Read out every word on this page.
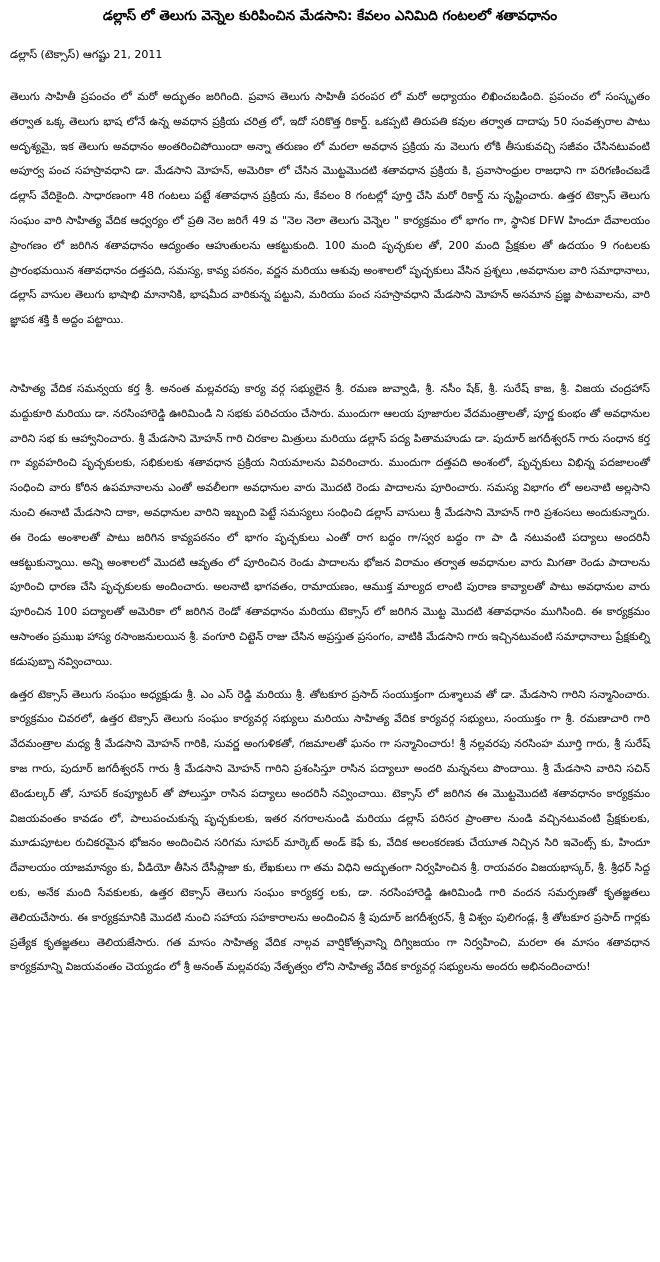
డల్లాస్ లో తెలుగు వెన్నెల కురిపించిన మేడసాని: కేవలం ఎనిమిది గంటలలో శతావధానం

డల్లాస్ (టెక్సాస్) ఆగష్టు 21, 2011

తెలుగు సాహితీ ప్రపంచం లో మరో అద్భుతం జరిగింది. ప్రవాస తెలుగు సాహితీ పరంపర లో మరో అధ్యాయం లిఖించబడింది. ప్రపంచం లో సంస్కృతం తర్వాత ఒక్క తెలుగు భాష లోనే ఉన్న అవధాన ప్రక్రియ చరిత్ర లో, ఇదో సరికొత్త రికార్డ్. ఒకప్పటి తిరుపతి కవుల తర్వాత దాదాపు 50 సంవత్సరాల పాటు అదృశ్యమై, ఇక తెలుగు అవధానం అంతరించిపోయిందా అన్నా తరుణం లో మరలా అవధాన ప్రక్రియ ను వెలుగు లోకి తీసుకువచ్చి సజీవం చేసినటువంటి అపూర్వ పంచ సహస్రావధాని డా. మేడసాని మోహన్, అమెరికా లో చేసిన మొట్టమొదటి శతావధాన ప్రక్రియ కి, ప్రవాసాంధ్రుల రాజధాని గా పరిగణించబడే డల్లాస్ వేదికైంది. సాధారణంగా 48 గంటలు పట్టే శతావధాన ప్రక్రియ ను, కేవలం 8 గంటల్లో పూర్తి చేసి మరో రికార్డ్ ను సృష్టించారు. ఉత్తర టెక్సాస్ తెలుగు సంఘం వారి సాహిత్య వేదిక ఆధ్వర్యం లో ప్రతి నెల జరిగే 49 వ "నెల నెలా తెలుగు వెన్నెల " కార్యక్రమం లో భాగం గా, స్థానిక DFW హిందూ దేవాలయం ప్రాంగణం లో జరిగిన శతావధానం ఆద్యంతం ఆహుతులను ఆకట్టుకుంది. 100 మంది పృచ్ఛకుల తో, 200 మంది ప్రేక్షకుల తో ఉదయం 9 గంటలకు ప్రారంభమయిన శతావధానం దత్తపది, సమస్య, కావ్య పఠనం, వర్ణన మరియు ఆశువు అంశాలలో పృచ్ఛకులు వేసిన ప్రశ్నలు ,అవధానుల వారి సమాధానాలు, డల్లాస్ వాసుల తెలుగు భాషాభి మానానికి, భాషమీద వారికున్న పట్టుని, మరియు పంచ సహస్రావధాని మేడసాని మోహన్ అసమాన ప్రజ్ఞ పాటవాలను, వారి జ్ఞాపక శక్తి కి అద్దం పట్టాయి.

సాహిత్య వేదిక సమన్వయ కర్త శ్రీ. అనంత మల్లవరపు కార్య వర్గ సభ్యులైన శ్రీ. రమణ జువ్వాడి, శ్రీ. నసీం షేక్, శ్రీ. సురేష్ కాజ, శ్రీ. విజయ చంద్రహాస్ మద్దుకూరి మరియు డా. నరసింహారెడ్డి ఊరిమిండి ని సభకు పరిచయం చేసారు. ముందుగా ఆలయ పూజారుల వేదమంత్రాలతో, పూర్ణ కుంభం తో అవధానుల వారిని సభ కు ఆహ్వానించారు. శ్రీ మేడసాని మోహన్ గారి చిరకాల మిత్రులు మరియు డల్లాస్ పద్య పితామహుడు డా. పుదూర్ జగదీశ్వరన్ గారు సంధాన కర్త గా వ్యవహరించి పృచ్ఛకులకు, సభికులకు శతావధాన ప్రక్రియ నియమాలను వివరించారు. ముందుగా దత్తపది అంశంలో, పృచ్ఛకులు విభిన్న పదజాలంతో సంధించి వారు కోరిన ఉపమానాలను ఎంతో అవలీలగా అవధానుల వారు మొదటి రెండు పాదాలను పూరించారు. సమస్య విభాగం లో అలనాటి అల్లసాని నుంచి ఈనాటి మేడసాని దాకా, అవధానుల వారిని ఇబ్బంది పెట్టే సమస్యలు సంధించి డల్లాస్ వాసులు శ్రీ మేడసాని మోహన్ గారి ప్రశంసలు అందుకున్నారు. ఈ రెండు అంశాలతో పాటు జరిగిన కావ్యపఠనం లో భాగం పృచ్ఛకులు ఎంతో రాగ బద్ధం గా/స్వర బద్ధం గా పా డి నటువంటి పద్యాలు అందరినీ ఆకట్టుకున్నాయి. అన్ని అంశాలలో మొదటి ఆవృతం లో పూరించిన రెండు పాదాలను భోజన విరామం తర్వాత అవధానుల వారు మిగతా రెండు పాదాలను పూరించి ధారణ చేసి పృచ్ఛకులకు అందించారు. అలనాటి భాగవతం, రామాయణం, ఆముక్త మాల్యద లాంటి పురాణ కావ్యాలతో పాటు అవధానుల వారు పూరించిన 100 పద్యాలతో అమెరికా లో జరిగిన రెండో శతావధానం మరియు టెక్సాస్ లో జరిగిన మొట్ట మొదటి శతావధానం ముగిసింది. ఈ కార్యక్రమం ఆసాంతం ప్రముఖ హాస్య రసాంజనులయిన శ్రీ. వంగూరి చిట్టెన్ రాజు చేసిన అప్రస్తుత ప్రసంగం, వాటికి మేడసాని గారు ఇచ్చినటువంటి సమాధానాలు ప్రేక్షకుల్ని కడుపుబ్బా నవ్వించాయి.

ఉత్తర టెక్సాస్ తెలుగు సంఘం అధ్యక్షుడు శ్రీ. ఎం ఎస్ రెడ్డి మరియు శ్రీ. తోటకూర ప్రసాద్ సంయుక్తంగా దుశ్శాలువ తో డా. మేడసాని గారిని సన్మానించారు. కార్యక్రమం చివరలో, ఉత్తర టెక్సాస్ తెలుగు సంఘం కార్యవర్గ సభ్యులు మరియు సాహిత్య వేదిక కార్యవర్గ సభ్యులు, సంయుక్తం గా శ్రీ. రమణాచారి గారి వేదమంత్రాల మధ్య శ్రీ మేడసాని మోహన్ గారికి, సువర్ణ అంగుళికతో, గజమాలతో ఘనం గా సన్మానించారు! శ్రీ నల్లవరపు నరసింహ మూర్తి గారు, శ్రీ సురేష్ కాజ గారు, పుదూర్ జగదీశ్వరన్ గారు శ్రీ మేడసాని మోహన్ గారిని ప్రశంసిస్తూ రాసిన పద్యాలూ అందరి మన్ననలు పొందాయి. శ్రీ మేడసాని వారిని సచిన్ టెండుల్కర్ తో, సూపర్ కంప్యూటర్ తో పోలుస్తూ రాసిన పద్యాలు అందరినీ నవ్వించాయి. టెక్సాస్ లో జరిగిన ఈ మొట్టమొదటి శతావధానం కార్యక్రమం విజయవంతం కావడం లో, పాలుపంచుకున్న పృచ్ఛకులకు, ఇతర నగరాలనుండి మరియు డల్లాస్ పరిసర ప్రాంతాల నుండి వచ్చినటువంటి ప్రేక్షకులకు, మూడుపూటల రుచికరమైన భోజనం అందించిన సరిగమ సూపర్ మార్కెట్ అండ్ కెఫే కు, వేదిక అలంకరణకు చేయూత నిచ్చిన సిరి ఇవెంట్స్ కు, హిందూ దేవాలయం యాజమాన్యం కు, వీడియో తీసిన దేసీప్లాజా కు, లేఖకులు గా తమ విధిని అద్భుతంగా నిర్వహించిన శ్రీ. రాయవరం విజయభాస్కర్, శ్రీ. శ్రీధర్ సిద్ద లకు, అనేక మంది సేవకులకు, ఉత్తర టెక్సాస్ తెలుగు సంఘం కార్యకర్త లకు, డా. నరసింహారెడ్డి ఊరిమిండి గారి వందన సమర్పణతో కృతజ్ఞతలు తెలియచేసారు. ఈ కార్యక్రమానికి మొదటి నుంచి సహాయ సహకారాలను అందించిన శ్రీ పుదూర్ జగదీశ్వరన్, శ్రీ విశ్వం పులిగండ్ల, శ్రీ తోటకూర ప్రసాద్ గార్లకు ప్రత్యేక కృతజ్ఞతలు తెలియజేసారు. గత మాసం సాహిత్య వేదిక నాల్గవ వార్షికోత్సవాన్ని దిగ్విజయం గా నిర్వహించి, మరలా ఈ మాసం శతావధాన కార్యక్రమాన్ని విజయవంతం చెయ్యడం లో శ్రీ అనంత్ మల్లవరపు నేతృత్వం లోని సాహిత్య వేదిక కార్యవర్గ సభ్యులను అందరు అభినందించారు!
